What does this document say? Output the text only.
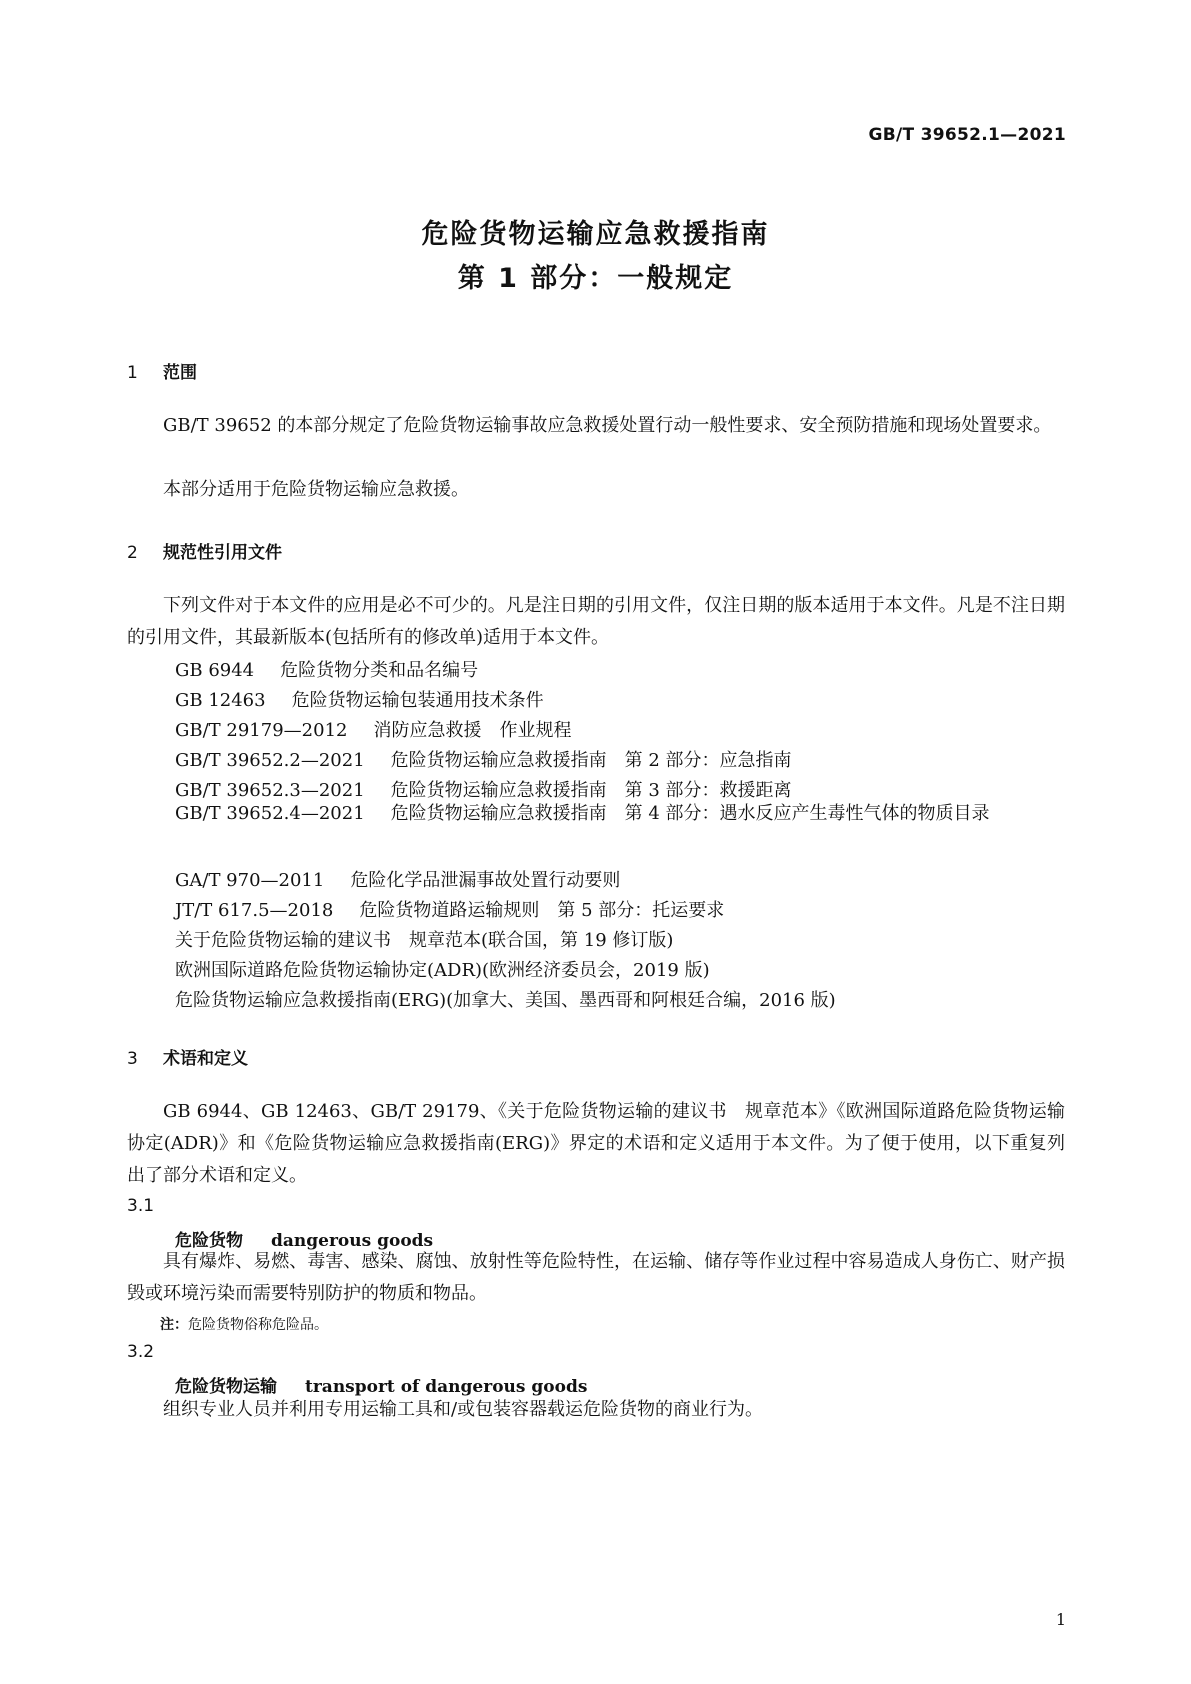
GB/T 39652.1—2021
危险货物运输应急救援指南
第 1 部分：一般规定
1 范围
GB/T 39652 的本部分规定了危险货物运输事故应急救援处置行动一般性要求、安全预防措施和现场处置要求。
本部分适用于危险货物运输应急救援。
2 规范性引用文件
下列文件对于本文件的应用是必不可少的。凡是注日期的引用文件，仅注日期的版本适用于本文件。凡是不注日期的引用文件，其最新版本(包括所有的修改单)适用于本文件。
GB 6944 危险货物分类和品名编号
GB 12463 危险货物运输包装通用技术条件
GB/T 29179—2012 消防应急救援　作业规程
GB/T 39652.2—2021 危险货物运输应急救援指南　第 2 部分：应急指南
GB/T 39652.3—2021 危险货物运输应急救援指南　第 3 部分：救援距离
GB/T 39652.4—2021 危险货物运输应急救援指南　第 4 部分：遇水反应产生毒性气体的物质目录
GA/T 970—2011 危险化学品泄漏事故处置行动要则
JT/T 617.5—2018 危险货物道路运输规则　第 5 部分：托运要求
关于危险货物运输的建议书　规章范本(联合国，第 19 修订版)
欧洲国际道路危险货物运输协定(ADR)(欧洲经济委员会，2019 版)
危险货物运输应急救援指南(ERG)(加拿大、美国、墨西哥和阿根廷合编，2016 版)
3 术语和定义
GB 6944、GB 12463、GB/T 29179、《关于危险货物运输的建议书　规章范本》《欧洲国际道路危险货物运输协定(ADR)》和《危险货物运输应急救援指南(ERG)》界定的术语和定义适用于本文件。为了便于使用，以下重复列出了部分术语和定义。
3.1
危险货物 dangerous goods
具有爆炸、易燃、毒害、感染、腐蚀、放射性等危险特性，在运输、储存等作业过程中容易造成人身伤亡、财产损毁或环境污染而需要特别防护的物质和物品。
注：危险货物俗称危险品。
3.2
危险货物运输 transport of dangerous goods
组织专业人员并利用专用运输工具和/或包装容器载运危险货物的商业行为。
1
